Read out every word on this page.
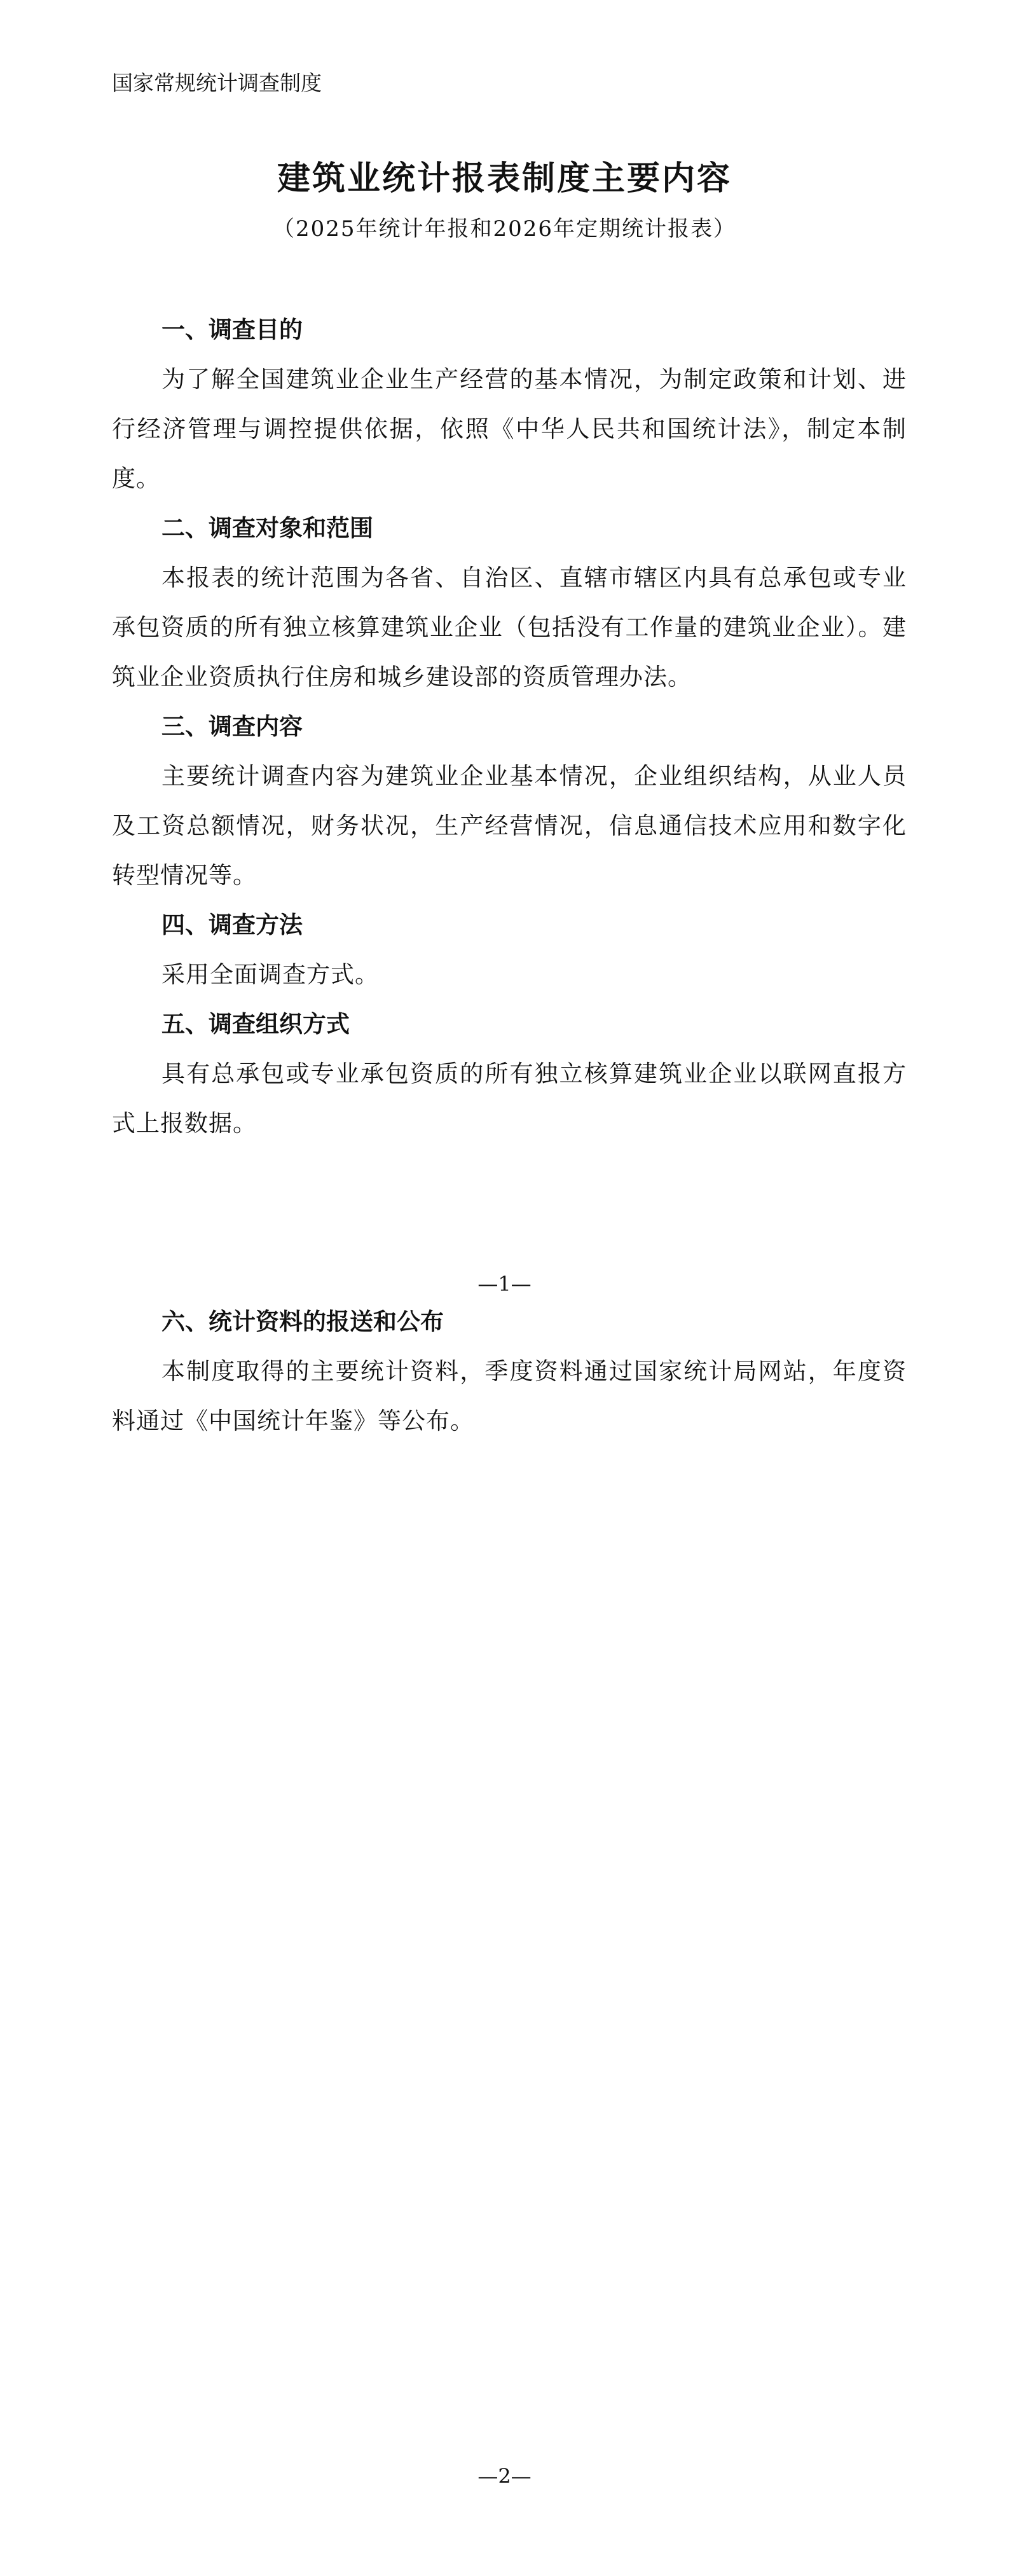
国家常规统计调查制度
建筑业统计报表制度主要内容
（2025年统计年报和2026年定期统计报表）

一、调查目的

为了解全国建筑业企业生产经营的基本情况，为制定政策和计划、进行经济管理与调控提供依据，依照《中华人民共和国统计法》，制定本制度。

二、调查对象和范围

本报表的统计范围为各省、自治区、直辖市辖区内具有总承包或专业承包资质的所有独立核算建筑业企业（包括没有工作量的建筑业企业）。建筑业企业资质执行住房和城乡建设部的资质管理办法。

三、调查内容

主要统计调查内容为建筑业企业基本情况，企业组织结构，从业人员及工资总额情况，财务状况，生产经营情况，信息通信技术应用和数字化转型情况等。

四、调查方法

采用全面调查方式。

五、调查组织方式

具有总承包或专业承包资质的所有独立核算建筑业企业以联网直报方式上报数据。

—1—

六、统计资料的报送和公布

本制度取得的主要统计资料，季度资料通过国家统计局网站，年度资料通过《中国统计年鉴》等公布。

—2—
